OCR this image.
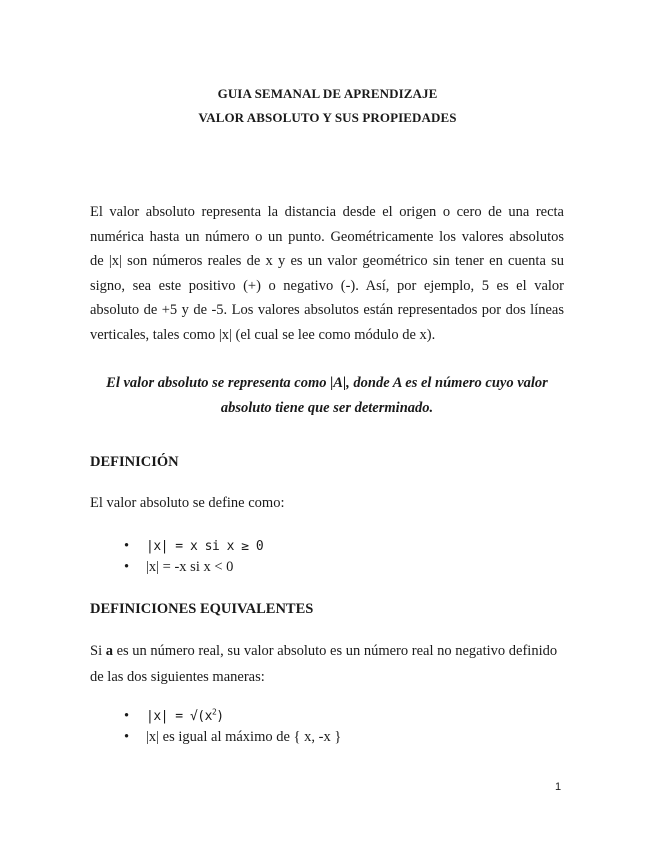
GUIA SEMANAL DE APRENDIZAJE
VALOR ABSOLUTO Y SUS PROPIEDADES
El valor absoluto representa la distancia desde el origen o cero de una recta
numérica hasta un número o un punto. Geométricamente los valores absolutos
de |x| son números reales de x y es un valor geométrico sin tener en cuenta su
signo, sea este positivo (+) o negativo (-). Así, por ejemplo, 5 es el valor
absoluto de +5 y de -5. Los valores absolutos están representados por dos líneas
verticales, tales como |x| (el cual se lee como módulo de x).
El valor absoluto se representa como |A|, donde A es el número cuyo valor
absoluto tiene que ser determinado.
DEFINICIÓN
El valor absoluto se define como:
• |x| = x si x ≥ 0
• |x| = -x si x < 0
DEFINICIONES EQUIVALENTES
Si a es un número real, su valor absoluto es un número real no negativo definido
de las dos siguientes maneras:
• $|x| = √(x^2)$
• |x| es igual al máximo de { x, -x }
1
